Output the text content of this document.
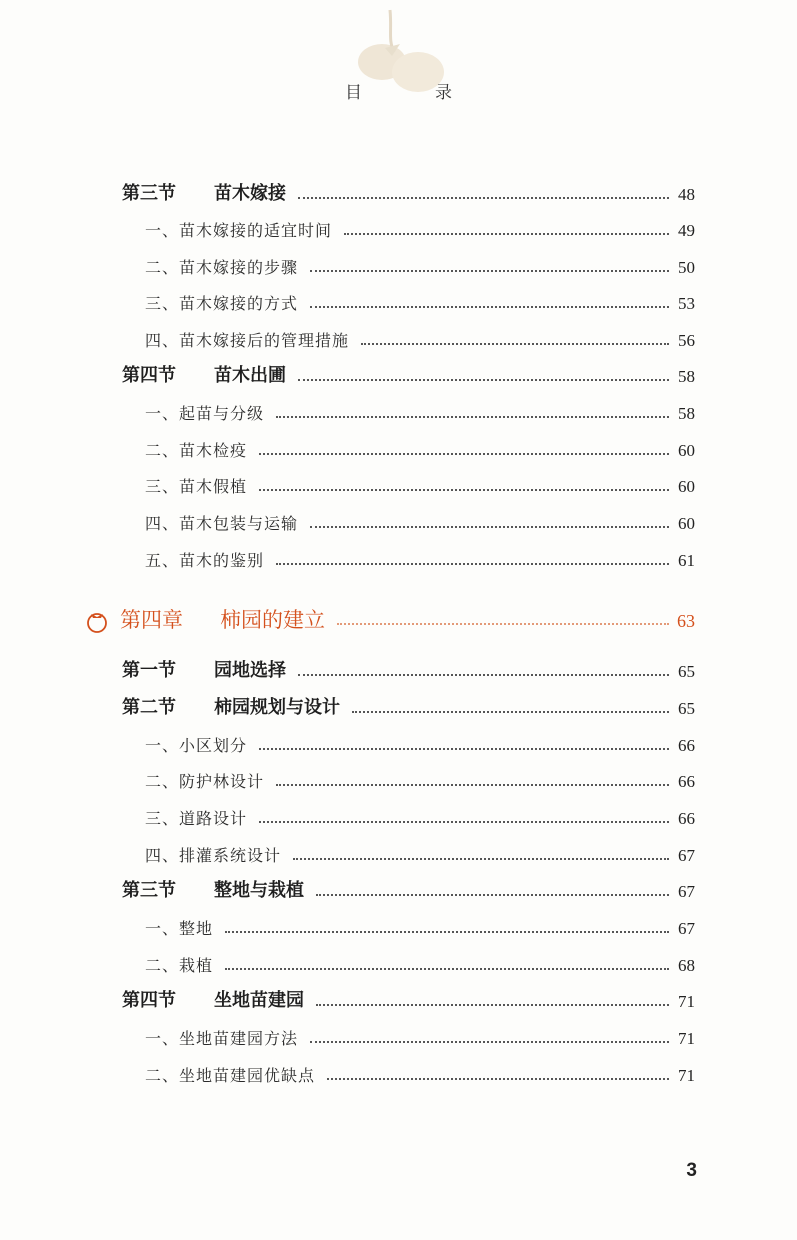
目　录
第三节 苗木嫁接	48
一、苗木嫁接的适宜时间	49
二、苗木嫁接的步骤	50
三、苗木嫁接的方式	53
四、苗木嫁接后的管理措施	56
第四节 苗木出圃	58
一、起苗与分级	58
二、苗木检疫	60
三、苗木假植	60
四、苗木包装与运输	60
五、苗木的鉴别	61
第四章 柿园的建立	63
第一节 园地选择	65
第二节 柿园规划与设计	65
一、小区划分	66
二、防护林设计	66
三、道路设计	66
四、排灌系统设计	67
第三节 整地与栽植	67
一、整地	67
二、栽植	68
第四节 坐地苗建园	71
一、坐地苗建园方法	71
二、坐地苗建园优缺点	71
3
